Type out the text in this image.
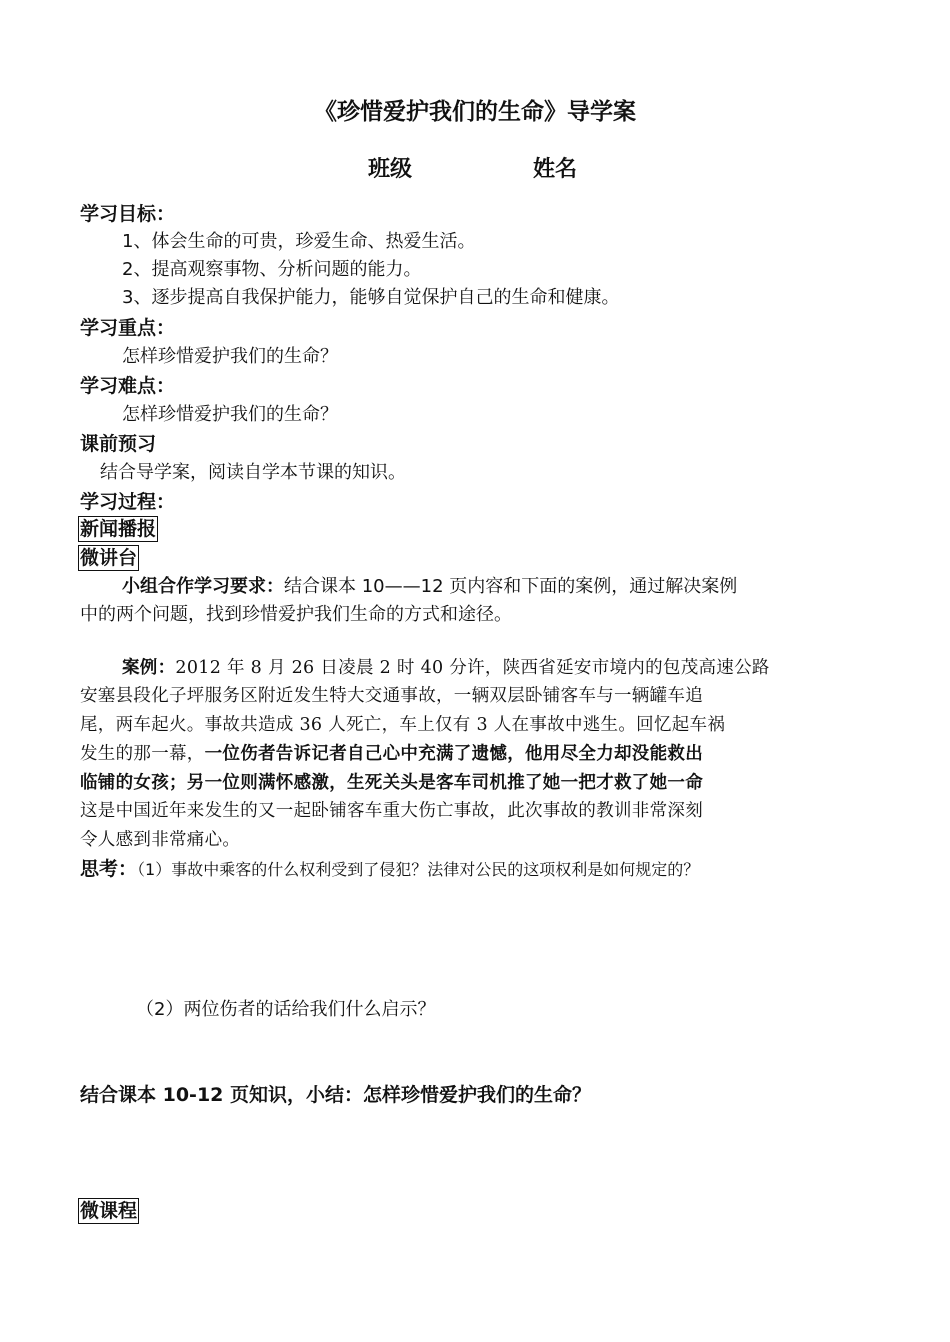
《珍惜爱护我们的生命》导学案
班级	姓名
学习目标：
1、体会生命的可贵，珍爱生命、热爱生活。
2、提高观察事物、分析问题的能力。
3、逐步提高自我保护能力，能够自觉保护自己的生命和健康。
学习重点：
怎样珍惜爱护我们的生命？
学习难点：
怎样珍惜爱护我们的生命？
课前预习
结合导学案，阅读自学本节课的知识。
学习过程：
新闻播报
微讲台
小组合作学习要求：结合课本 10——12 页内容和下面的案例，通过解决案例
中的两个问题，找到珍惜爱护我们生命的方式和途径。
案例：2012 年 8 月 26 日凌晨 2 时 40 分许，陕西省延安市境内的包茂高速公路
安塞县段化子坪服务区附近发生特大交通事故，一辆双层卧铺客车与一辆罐车追
尾，两车起火。事故共造成 36 人死亡，车上仅有 3 人在事故中逃生。回忆起车祸
发生的那一幕，一位伤者告诉记者自己心中充满了遗憾，他用尽全力却没能救出
临铺的女孩；另一位则满怀感激，生死关头是客车司机推了她一把才救了她一命
这是中国近年来发生的又一起卧铺客车重大伤亡事故，此次事故的教训非常深刻
令人感到非常痛心。
思考：（1）事故中乘客的什么权利受到了侵犯？法律对公民的这项权利是如何规定的？
（2）两位伤者的话给我们什么启示？
结合课本 10-12 页知识，小结：怎样珍惜爱护我们的生命？
微课程
